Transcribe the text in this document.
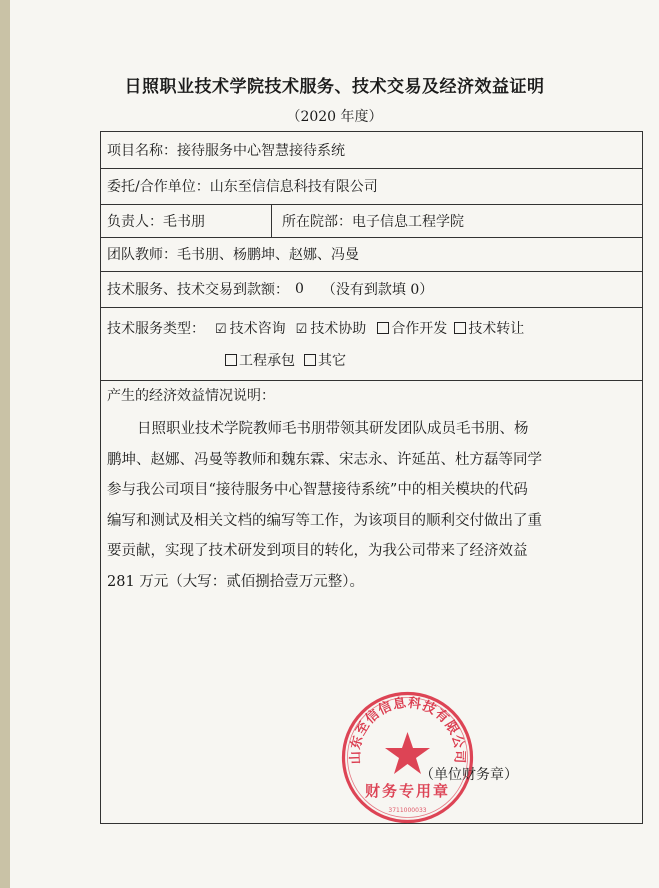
日照职业技术学院技术服务、技术交易及经济效益证明
（2020 年度）
项目名称： 接待服务中心智慧接待系统
委托/合作单位： 山东至信信息科技有限公司
负责人： 毛书朋	所在院部： 电子信息工程学院
团队教师： 毛书朋、杨鹏坤、赵娜、冯曼
技术服务、技术交易到款额： 0 （没有到款填 0）
技术服务类型： ☑ 技术咨询 ☑ 技术协助	合作开发	技术转让
工程承包	其它

产生的经济效益情况说明：

日照职业技术学院教师毛书朋带领其研发团队成员毛书朋、杨

鹏坤、赵娜、冯曼等教师和魏东霖、宋志永、许延茁、杜方磊等同学

参与我公司项目“接待服务中心智慧接待系统”中的相关模块的代码

编写和测试及相关文档的编写等工作，为该项目的顺利交付做出了重

要贡献，实现了技术研发到项目的转化，为我公司带来了经济效益

281 万元（大写：贰佰捌拾壹万元整）。

山东至信信息科技有限公司
财务专用章
3711000033
（单位财务章）
